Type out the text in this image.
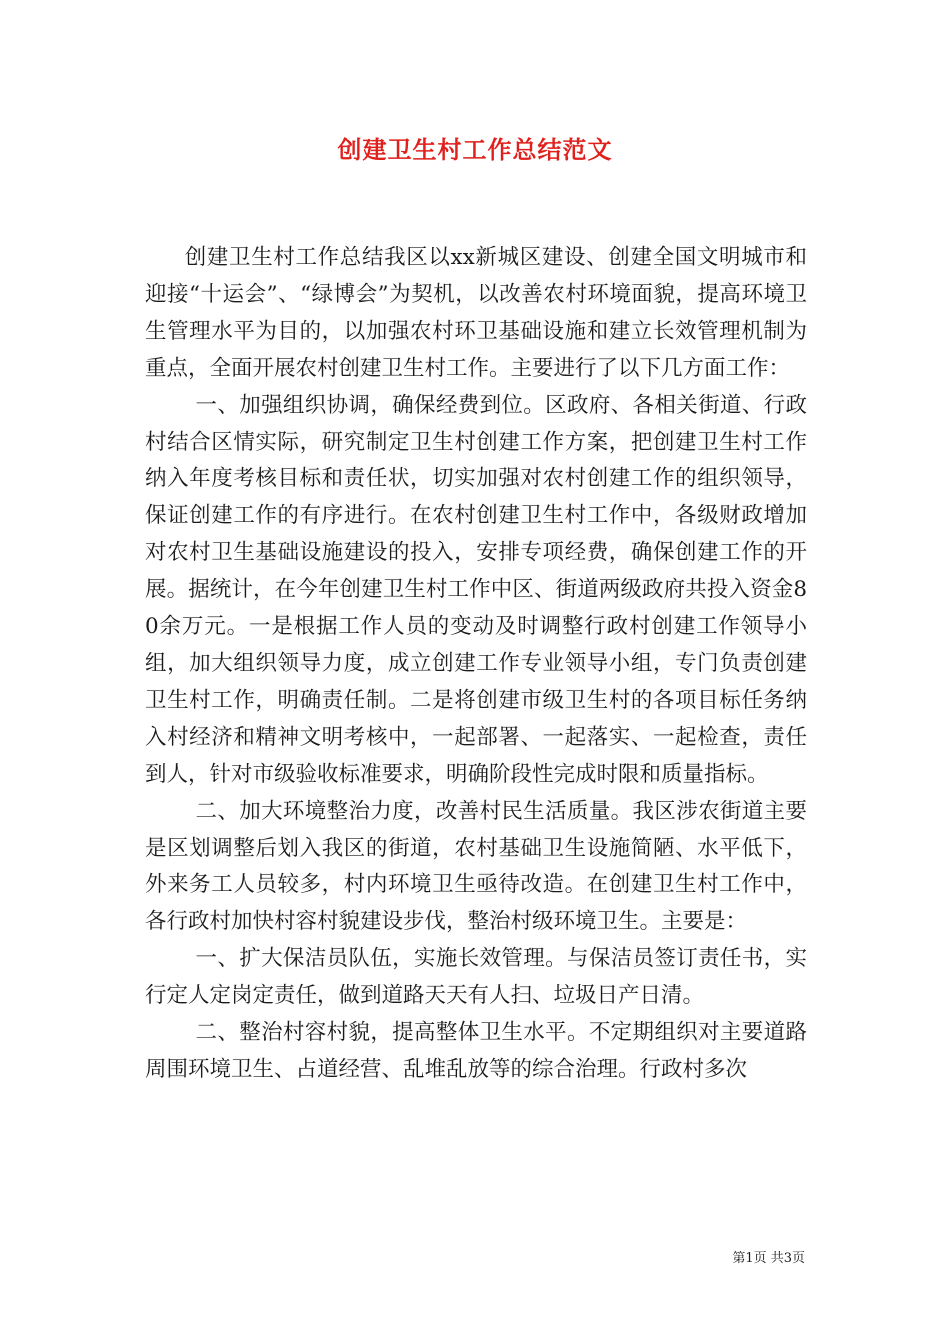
创建卫生村工作总结范文

创建卫生村工作总结我区以xx新城区建设、创建全国文明城市和迎接“十运会”、“绿博会”为契机，以改善农村环境面貌，提高环境卫生管理水平为目的，以加强农村环卫基础设施和建立长效管理机制为重点，全面开展农村创建卫生村工作。主要进行了以下几方面工作：

一、加强组织协调，确保经费到位。区政府、各相关街道、行政村结合区情实际，研究制定卫生村创建工作方案，把创建卫生村工作纳入年度考核目标和责任状，切实加强对农村创建工作的组织领导，保证创建工作的有序进行。在农村创建卫生村工作中，各级财政增加对农村卫生基础设施建设的投入，安排专项经费，确保创建工作的开展。据统计，在今年创建卫生村工作中区、街道两级政府共投入资金80余万元。一是根据工作人员的变动及时调整行政村创建工作领导小组，加大组织领导力度，成立创建工作专业领导小组，专门负责创建卫生村工作，明确责任制。二是将创建市级卫生村的各项目标任务纳入村经济和精神文明考核中，一起部署、一起落实、一起检查，责任到人，针对市级验收标准要求，明确阶段性完成时限和质量指标。

二、加大环境整治力度，改善村民生活质量。我区涉农街道主要是区划调整后划入我区的街道，农村基础卫生设施简陋、水平低下，外来务工人员较多，村内环境卫生亟待改造。在创建卫生村工作中，各行政村加快村容村貌建设步伐，整治村级环境卫生。主要是：

一、扩大保洁员队伍，实施长效管理。与保洁员签订责任书，实行定人定岗定责任，做到道路天天有人扫、垃圾日产日清。

二、整治村容村貌，提高整体卫生水平。不定期组织对主要道路周围环境卫生、占道经营、乱堆乱放等的综合治理。行政村多次

第1页 共3页
